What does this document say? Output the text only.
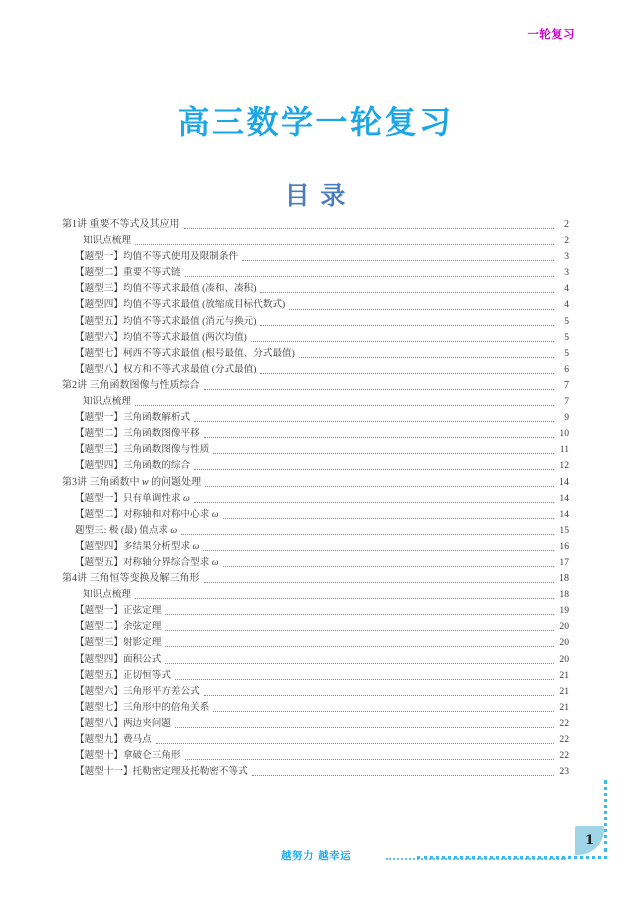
一轮复习
高三数学一轮复习
目 录
第1讲 重要不等式及其应用	2
知识点梳理	2
【题型一】均值不等式使用及限制条件	3
【题型二】重要不等式链	3
【题型三】均值不等式求最值 (凑和、凑积)	4
【题型四】均值不等式求最值 (放缩成目标代数式)	4
【题型五】均值不等式求最值 (消元与换元)	5
【题型六】均值不等式求最值 (两次均值)	5
【题型七】柯西不等式求最值 (根号最值、分式最值)	5
【题型八】权方和不等式求最值 (分式最值)	6
第2讲 三角函数图像与性质综合	7
知识点梳理	7
【题型一】三角函数解析式	9
【题型二】三角函数图像平移	10
【题型三】三角函数图像与性质	11
【题型四】三角函数的综合	12
第3讲 三角函数中 w 的问题处理	14
【题型一】只有单调性求 ω	14
【题型二】对称轴和对称中心求 ω	14
题型三: 极 (最) 值点求 ω	15
【题型四】多结果分析型求 ω	16
【题型五】对称轴分界综合型求 ω	17
第4讲 三角恒等变换及解三角形	18
知识点梳理	18
【题型一】正弦定理	19
【题型二】余弦定理	20
【题型三】射影定理	20
【题型四】面积公式	20
【题型五】正切恒等式	21
【题型六】三角形平方差公式	21
【题型七】三角形中的倍角关系	21
【题型八】两边夹问题	22
【题型九】费马点	22
【题型十】拿破仑三角形	22
【题型十一】托勒密定理及托勒密不等式	23
越努力 越幸运
1
